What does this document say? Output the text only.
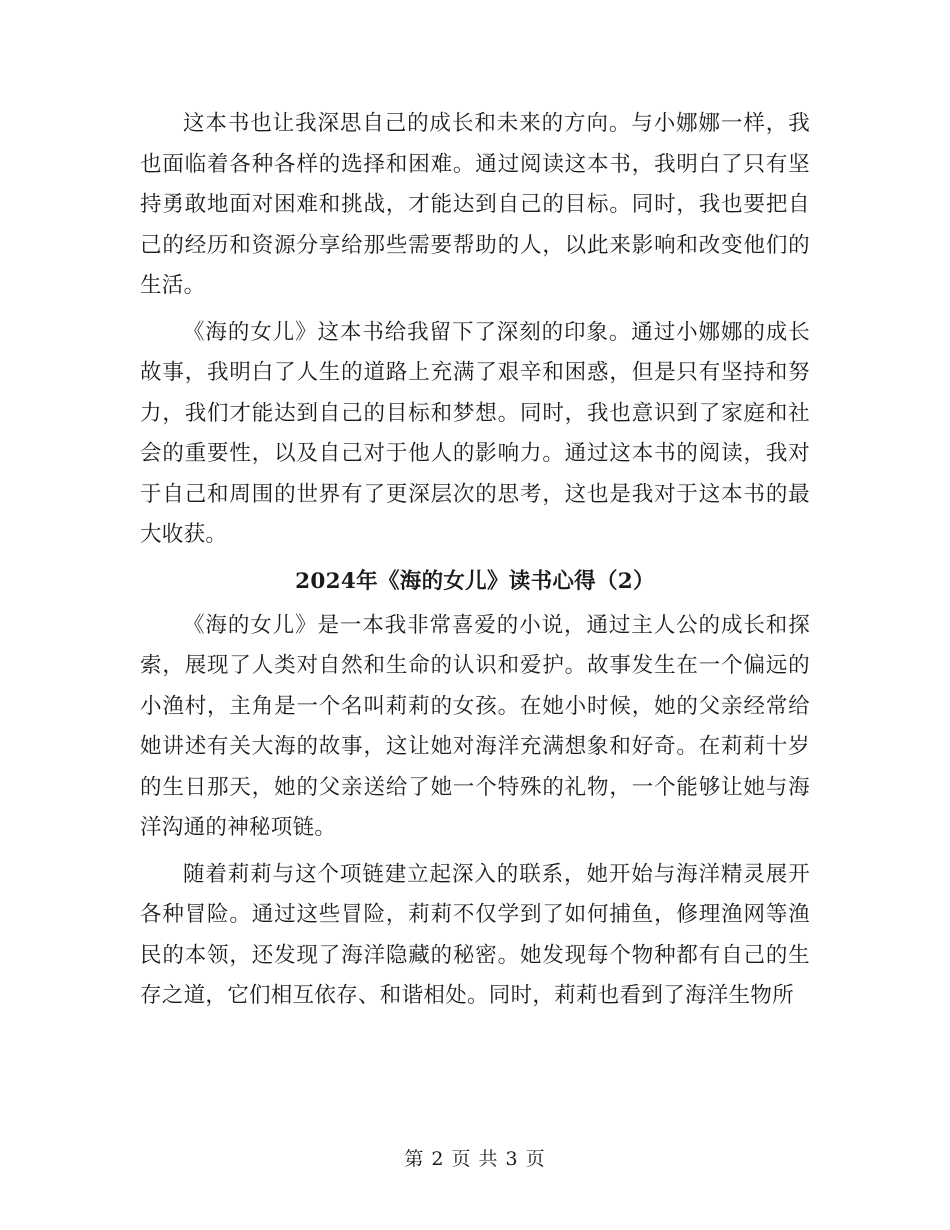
这本书也让我深思自己的成长和未来的方向。与小娜娜一样，我也面临着各种各样的选择和困难。通过阅读这本书，我明白了只有坚持勇敢地面对困难和挑战，才能达到自己的目标。同时，我也要把自己的经历和资源分享给那些需要帮助的人，以此来影响和改变他们的生活。

《海的女儿》这本书给我留下了深刻的印象。通过小娜娜的成长故事，我明白了人生的道路上充满了艰辛和困惑，但是只有坚持和努力，我们才能达到自己的目标和梦想。同时，我也意识到了家庭和社会的重要性，以及自己对于他人的影响力。通过这本书的阅读，我对于自己和周围的世界有了更深层次的思考，这也是我对于这本书的最大收获。

2024年《海的女儿》读书心得（2）

《海的女儿》是一本我非常喜爱的小说，通过主人公的成长和探索，展现了人类对自然和生命的认识和爱护。故事发生在一个偏远的小渔村，主角是一个名叫莉莉的女孩。在她小时候，她的父亲经常给她讲述有关大海的故事，这让她对海洋充满想象和好奇。在莉莉十岁的生日那天，她的父亲送给了她一个特殊的礼物，一个能够让她与海洋沟通的神秘项链。

随着莉莉与这个项链建立起深入的联系，她开始与海洋精灵展开各种冒险。通过这些冒险，莉莉不仅学到了如何捕鱼，修理渔网等渔民的本领，还发现了海洋隐藏的秘密。她发现每个物种都有自己的生存之道，它们相互依存、和谐相处。同时，莉莉也看到了海洋生物所

第 2 页 共 3 页
